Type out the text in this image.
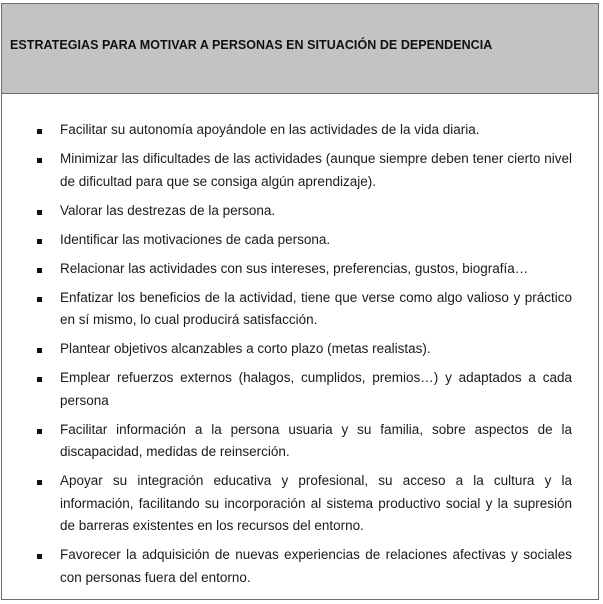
ESTRATEGIAS PARA MOTIVAR A PERSONAS EN SITUACIÓN DE DEPENDENCIA
Facilitar su autonomía apoyándole en las actividades de la vida diaria.
Minimizar las dificultades de las actividades (aunque siempre deben tener cierto nivel de dificultad para que se consiga algún aprendizaje).
Valorar las destrezas de la persona.
Identificar las motivaciones de cada persona.
Relacionar las actividades con sus intereses, preferencias, gustos, biografía…
Enfatizar los beneficios de la actividad, tiene que verse como algo valioso y práctico en sí mismo, lo cual producirá satisfacción.
Plantear objetivos alcanzables a corto plazo (metas realistas).
Emplear refuerzos externos (halagos, cumplidos, premios…) y adaptados a cada persona
Facilitar información a la persona usuaria y su familia, sobre aspectos de la discapacidad, medidas de reinserción.
Apoyar su integración educativa y profesional, su acceso a la cultura y la información, facilitando su incorporación al sistema productivo social y la supresión de barreras existentes en los recursos del entorno.
Favorecer la adquisición de nuevas experiencias de relaciones afectivas y sociales con personas fuera del entorno.
